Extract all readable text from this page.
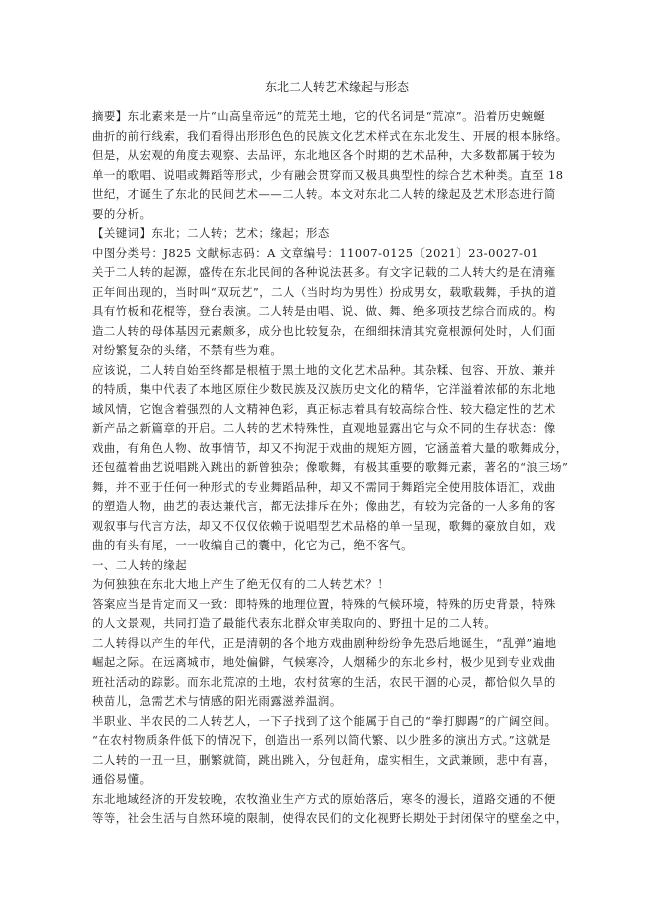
东北二人转艺术缘起与形态

摘要】东北素来是一片“山高皇帝远”的荒芜土地，它的代名词是“荒凉”。沿着历史蜿蜒
曲折的前行线索，我们看得出形形色色的民族文化艺术样式在东北发生、开展的根本脉络。
但是，从宏观的角度去观察、去品评，东北地区各个时期的艺术品种，大多数都属于较为
单一的歌唱、说唱或舞蹈等形式，少有融会贯穿而又极具典型性的综合艺术种类。直至 18
世纪，才诞生了东北的民间艺术——二人转。本文对东北二人转的缘起及艺术形态进行简
要的分析。

【关键词】东北；二人转；艺术；缘起；形态
中图分类号：J825 文献标志码：A 文章编号：11007-0125〔2021〕23-0027-01

关于二人转的起源，盛传在东北民间的各种说法甚多。有文字记载的二人转大约是在清雍
正年间出现的，当时叫“双玩艺”，二人（当时均为男性）扮成男女，载歌载舞，手执的道
具有竹板和花棍等，登台表演。二人转是由唱、说、做、舞、绝多项技艺综合而成的。构
造二人转的母体基因元素颇多，成分也比较复杂，在细细抹清其究竟根源何处时，人们面
对纷繁复杂的头绪，不禁有些为难。

应该说，二人转自始至终都是根植于黑土地的文化艺术品种。其杂糅、包容、开放、兼并
的特质，集中代表了本地区原住少数民族及汉族历史文化的精华，它洋溢着浓郁的东北地
域风情，它饱含着强烈的人文精神色彩，真正标志着具有较高综合性、较大稳定性的艺术
新产品之新篇章的开启。二人转的艺术特殊性，直观地显露出它与众不同的生存状态：像
戏曲，有角色人物、故事情节，却又不拘泥于戏曲的规矩方圆，它涵盖着大量的歌舞成分，
还包蕴着曲艺说唱跳入跳出的新曾独杂；像歌舞，有极其重要的歌舞元素，著名的“浪三场”
舞，并不亚于任何一种形式的专业舞蹈品种，却又不需同于舞蹈完全使用肢体语汇，戏曲
的塑造人物，曲艺的表达兼代言，都无法排斥在外；像曲艺，有较为完备的一人多角的客
观叙事与代言方法，却又不仅仅依赖于说唱型艺术品格的单一呈现，歌舞的豪放自如，戏
曲的有头有尾，一一收编自己的囊中，化它为己，绝不客气。

一、二人转的缘起

为何独独在东北大地上产生了绝无仅有的二人转艺术？！

答案应当是肯定而又一致：即特殊的地理位置，特殊的气候环境，特殊的历史背景，特殊
的人文景观，共同打造了最能代表东北群众审美取向的、野扭十足的二人转。

二人转得以产生的年代，正是清朝的各个地方戏曲剧种纷纷争先恐后地诞生，“乱弹”遍地
崛起之际。在远离城市，地处偏僻，气候寒冷，人烟稀少的东北乡村，极少见到专业戏曲
班社活动的踪影。而东北荒凉的土地，农村贫寒的生活，农民干涸的心灵，都恰似久旱的
秧苗儿，急需艺术与情感的阳光雨露滋养温润。

半职业、半农民的二人转艺人，一下子找到了这个能属于自己的“拳打脚踢”的广阔空间。
“在农村物质条件低下的情况下，创造出一系列以简代繁、以少胜多的演出方式。”这就是
二人转的一丑一旦，删繁就简，跳出跳入，分包赶角，虚实相生，文武兼顾，悲中有喜，
通俗易懂。

东北地域经济的开发较晚，农牧渔业生产方式的原始落后，寒冬的漫长，道路交通的不便
等等，社会生活与自然环境的限制，使得农民们的文化视野长期处于封闭保守的壁垒之中，
